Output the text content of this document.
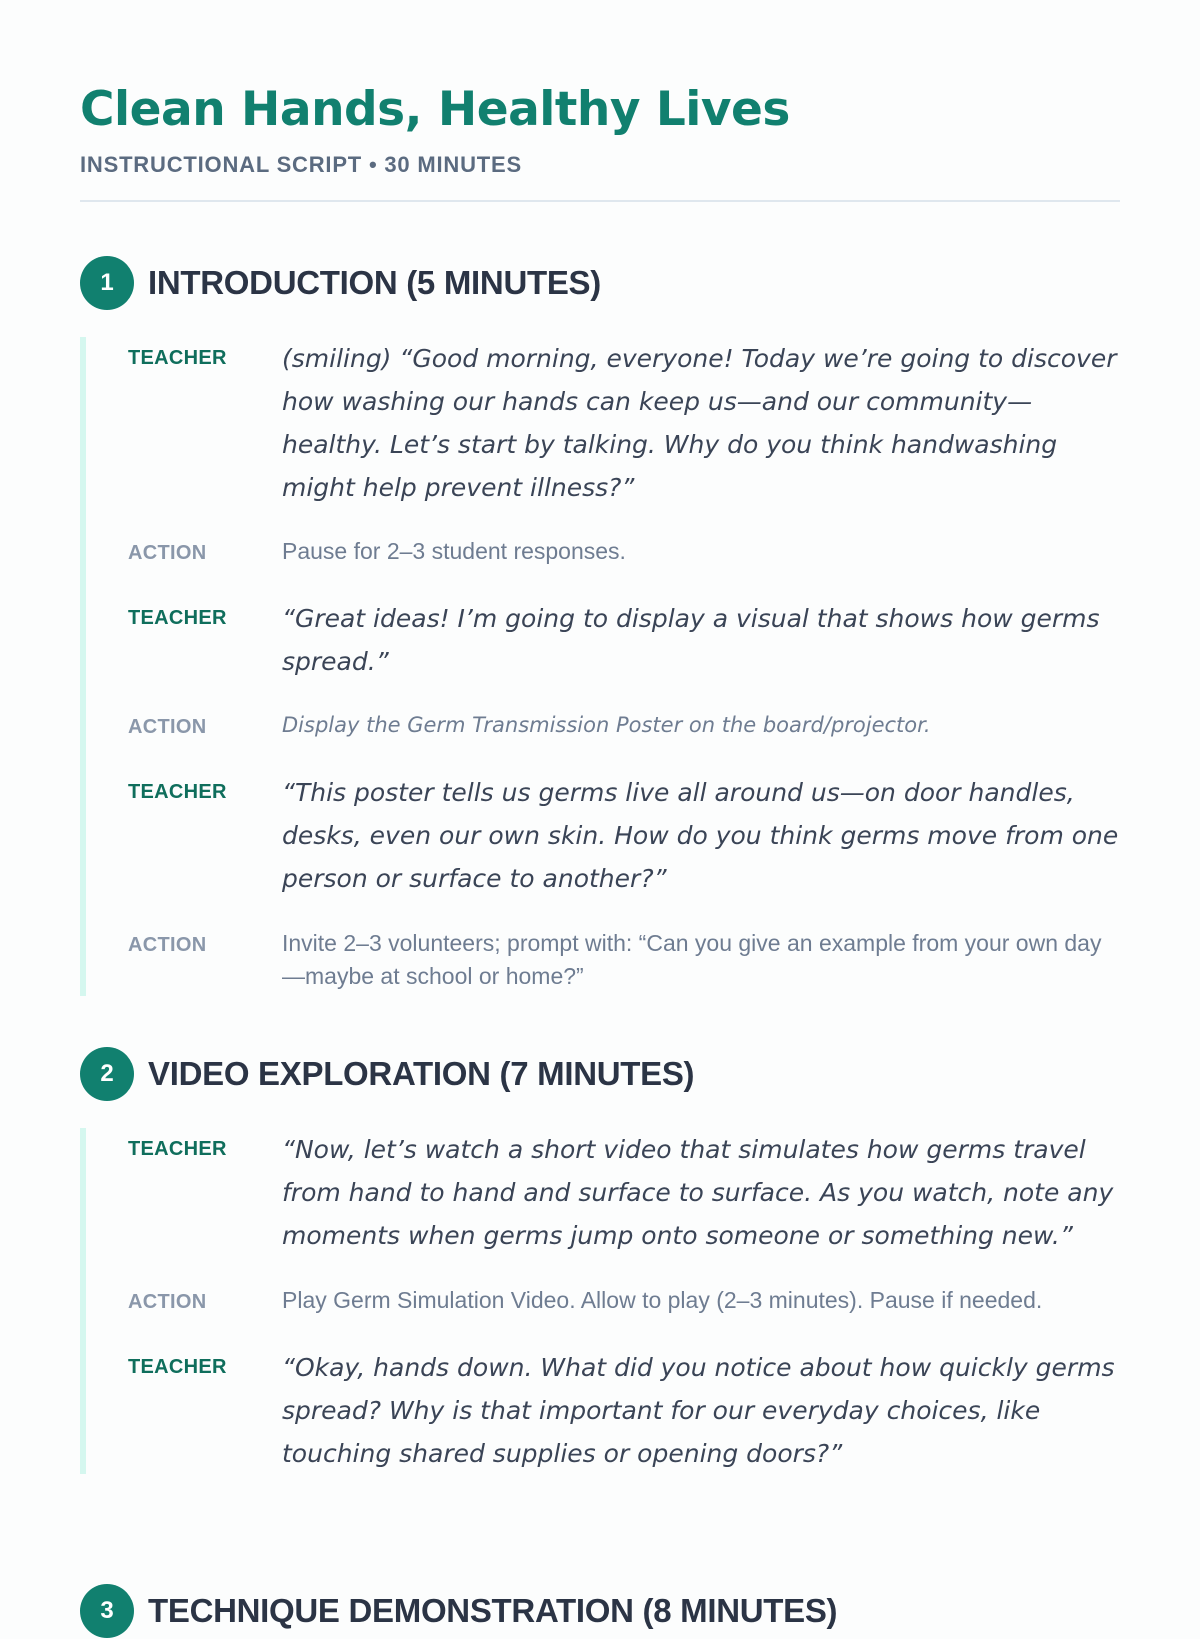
Clean Hands, Healthy Lives
INSTRUCTIONAL SCRIPT • 30 MINUTES
1	INTRODUCTION (5 MINUTES)
TEACHER (smiling) “Good morning, everyone! Today we’re going to discover how washing our hands can keep us—and our community—healthy. Let’s start by talking. Why do you think handwashing might help prevent illness?”
ACTION	Pause for 2–3 student responses.
TEACHER “Great ideas! I’m going to display a visual that shows how germs spread.”
ACTION	Display the Germ Transmission Poster on the board/projector.
TEACHER “This poster tells us germs live all around us—on door handles, desks, even our own skin. How do you think germs move from one person or surface to another?”
ACTION	Invite 2–3 volunteers; prompt with: “Can you give an example from your own day—maybe at school or home?”
2	VIDEO EXPLORATION (7 MINUTES)
TEACHER “Now, let’s watch a short video that simulates how germs travel from hand to hand and surface to surface. As you watch, note any moments when germs jump onto someone or something new.”
ACTION	Play Germ Simulation Video. Allow to play (2–3 minutes). Pause if needed.
TEACHER “Okay, hands down. What did you notice about how quickly germs spread? Why is that important for our everyday choices, like touching shared supplies or opening doors?”
3	TECHNIQUE DEMONSTRATION (8 MINUTES)
